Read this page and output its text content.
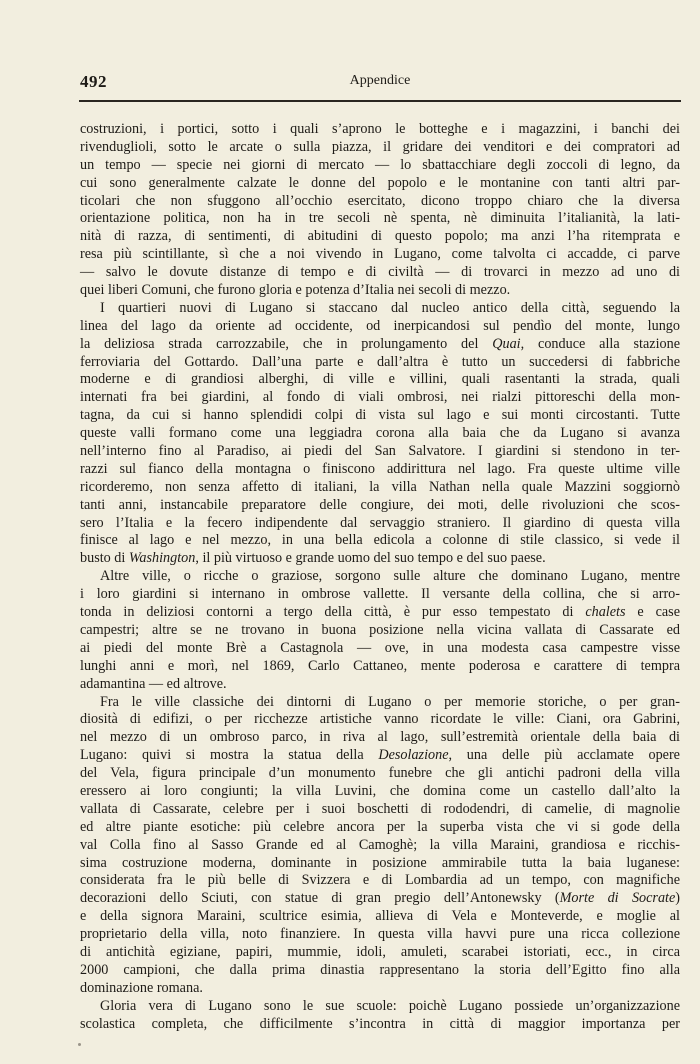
492	Appendice
costruzioni, i portici, sotto i quali s’aprono le botteghe e i magazzini, i banchi dei
rivenduglioli, sotto le arcate o sulla piazza, il gridare dei venditori e dei compratori ad
un tempo — specie nei giorni di mercato — lo sbattacchiare degli zoccoli di legno, da
cui sono generalmente calzate le donne del popolo e le montanine con tanti altri par-
ticolari che non sfuggono all’occhio esercitato, dicono troppo chiaro che la diversa
orientazione politica, non ha in tre secoli nè spenta, nè diminuita l’italianità, la lati-
nità di razza, di sentimenti, di abitudini di questo popolo; ma anzi l’ha ritemprata e
resa più scintillante, sì che a noi vivendo in Lugano, come talvolta ci accadde, ci parve
— salvo le dovute distanze di tempo e di civiltà — di trovarci in mezzo ad uno di
quei liberi Comuni, che furono gloria e potenza d’Italia nei secoli di mezzo.
I quartieri nuovi di Lugano si staccano dal nucleo antico della città, seguendo la
linea del lago da oriente ad occidente, od inerpicandosi sul pendìo del monte, lungo
la deliziosa strada carrozzabile, che in prolungamento del Quai, conduce alla stazione
ferroviaria del Gottardo. Dall’una parte e dall’altra è tutto un succedersi di fabbriche
moderne e di grandiosi alberghi, di ville e villini, quali rasentanti la strada, quali
internati fra bei giardini, al fondo di viali ombrosi, nei rialzi pittoreschi della mon-
tagna, da cui si hanno splendidi colpi di vista sul lago e sui monti circostanti. Tutte
queste valli formano come una leggiadra corona alla baia che da Lugano si avanza
nell’interno fino al Paradiso, ai piedi del San Salvatore. I giardini si stendono in ter-
razzi sul fianco della montagna o finiscono addirittura nel lago. Fra queste ultime ville
ricorderemo, non senza affetto di italiani, la villa Nathan nella quale Mazzini soggiornò
tanti anni, instancabile preparatore delle congiure, dei moti, delle rivoluzioni che scos-
sero l’Italia e la fecero indipendente dal servaggio straniero. Il giardino di questa villa
finisce al lago e nel mezzo, in una bella edicola a colonne di stile classico, si vede il
busto di Washington, il più virtuoso e grande uomo del suo tempo e del suo paese.
Altre ville, o ricche o graziose, sorgono sulle alture che dominano Lugano, mentre
i loro giardini si internano in ombrose vallette. Il versante della collina, che si arro-
tonda in deliziosi contorni a tergo della città, è pur esso tempestato di chalets e case
campestri; altre se ne trovano in buona posizione nella vicina vallata di Cassarate ed
ai piedi del monte Brè a Castagnola — ove, in una modesta casa campestre visse
lunghi anni e morì, nel 1869, Carlo Cattaneo, mente poderosa e carattere di tempra
adamantina — ed altrove.
Fra le ville classiche dei dintorni di Lugano o per memorie storiche, o per gran-
diosità di edifizi, o per ricchezze artistiche vanno ricordate le ville: Ciani, ora Gabrini,
nel mezzo di un ombroso parco, in riva al lago, sull’estremità orientale della baia di
Lugano: quivi si mostra la statua della Desolazione, una delle più acclamate opere
del Vela, figura principale d’un monumento funebre che gli antichi padroni della villa
eressero ai loro congiunti; la villa Luvini, che domina come un castello dall’alto la
vallata di Cassarate, celebre per i suoi boschetti di rododendri, di camelie, di magnolie
ed altre piante esotiche: più celebre ancora per la superba vista che vi si gode della
val Colla fino al Sasso Grande ed al Camoghè; la villa Maraini, grandiosa e ricchis-
sima costruzione moderna, dominante in posizione ammirabile tutta la baia luganese:
considerata fra le più belle di Svizzera e di Lombardia ad un tempo, con magnifiche
decorazioni dello Sciuti, con statue di gran pregio dell’Antonewsky (Morte di Socrate)
e della signora Maraini, scultrice esimia, allieva di Vela e Monteverde, e moglie al
proprietario della villa, noto finanziere. In questa villa havvi pure una ricca collezione
di antichità egiziane, papiri, mummie, idoli, amuleti, scarabei istoriati, ecc., in circa
2000 campioni, che dalla prima dinastia rappresentano la storia dell’Egitto fino alla
dominazione romana.
Gloria vera di Lugano sono le sue scuole: poichè Lugano possiede un’organizzazione
scolastica completa, che difficilmente s’incontra in città di maggior importanza per
